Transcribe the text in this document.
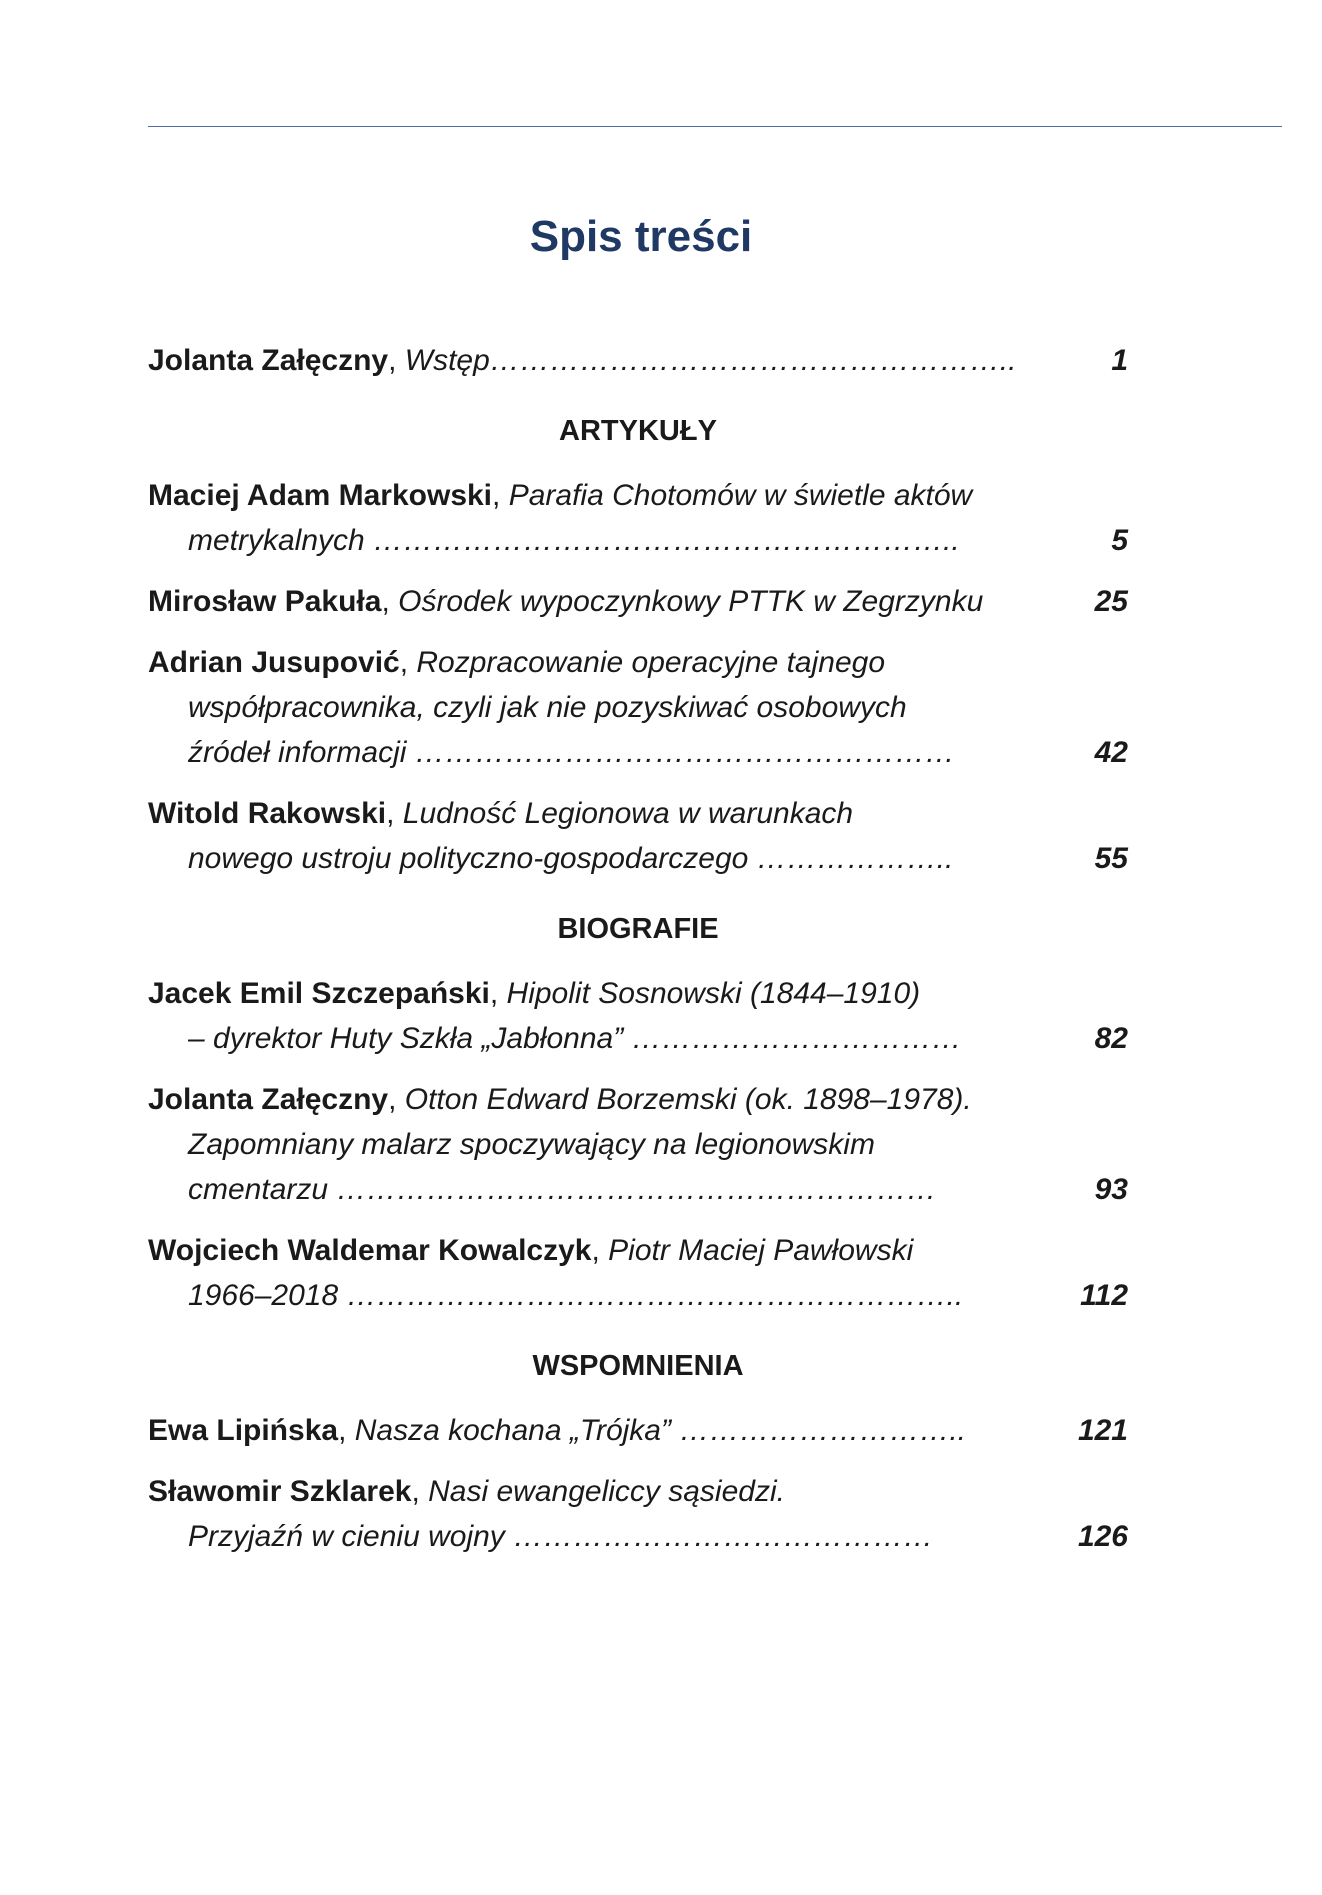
Spis treści
Jolanta Załęczny, Wstęp……………………………………………..	1
ARTYKUŁY
Maciej Adam Markowski, Parafia Chotomów w świetle aktów
metrykalnych …………………………………………………..	5
Mirosław Pakuła, Ośrodek wypoczynkowy PTTK w Zegrzynku	25
Adrian Jusupović, Rozpracowanie operacyjne tajnego
współpracownika, czyli jak nie pozyskiwać osobowych
źródeł informacji ………………………………………………	42
Witold Rakowski, Ludność Legionowa w warunkach
nowego ustroju polityczno-gospodarczego ………………..	55
BIOGRAFIE
Jacek Emil Szczepański, Hipolit Sosnowski (1844–1910)
– dyrektor Huty Szkła „Jabłonna” ……………………………	82
Jolanta Załęczny, Otton Edward Borzemski (ok. 1898–1978).
Zapomniany malarz spoczywający na legionowskim
cmentarzu ……………………………………………………	93
Wojciech Waldemar Kowalczyk, Piotr Maciej Pawłowski
1966–2018 ……………………………………………………..	112
WSPOMNIENIA
Ewa Lipińska, Nasza kochana „Trójka” ………………………..	121
Sławomir Szklarek, Nasi ewangeliccy sąsiedzi.
Przyjaźń w cieniu wojny ……………………………………	126
